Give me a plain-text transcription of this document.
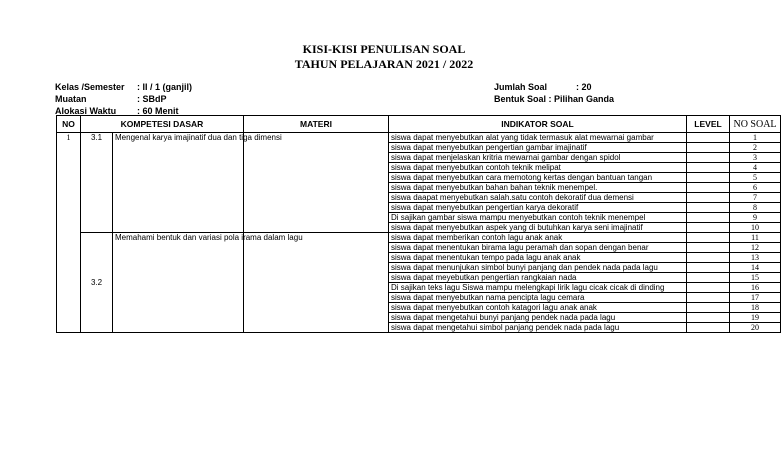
KISI-KISI PENULISAN SOAL
TAHUN PELAJARAN 2021 / 2022
Kelas /Semester : II / 1 (ganjil)
Muatan	: SBdP
Alokasi Waktu : 60 Menit
Jumlah Soal	: 20
Bentuk Soal : Pilihan Ganda
NO	KOMPETESI DASAR		MATERI	INDIKATOR SOAL	LEVEL	NO SOAL
1	3.1	Mengenal karya imajinatif dua dan tiga dimensi		siswa dapat menyebutkan alat yang tidak termasuk alat mewarnai gambar		1
				siswa dapat menyebutkan pengertian gambar imajinatif		2
				siswa dapat menjelaskan kritria mewarnai gambar dengan spidol		3
				siswa dapat menyebutkan contoh teknik melipat		4
				siswa dapat menyebutkan cara memotong kertas dengan bantuan tangan		5
				siswa dapat menyebutkan bahan bahan teknik menempel.		6
				siswa daapat menyebutkan salah.satu contoh dekoratif dua demensi		7
				siswa dapat menyebutkan pengertian karya dekoratif		8
				Di sajikan gambar siswa mampu menyebutkan contoh teknik menempel		9
				siswa dapat menyebutkan aspek yang di butuhkan karya seni imajinatif		10
	3.2	Memahami bentuk dan variasi pola irama dalam lagu		siswa dapat memberikan contoh lagu anak anak		11
				siswa dapat menentukan birama lagu peramah dan sopan dengan benar		12
				siswa dapat menentukan tempo pada lagu anak anak		13
				siswa dapat menunjukan simbol bunyi panjang dan pendek nada pada lagu		14
				siswa dapat meyebutkan pengertian rangkaian nada		15
				Di sajikan teks lagu Siswa mampu melengkapi lirik lagu cicak cicak di dinding		16
				siswa dapat menyebutkan nama pencipta lagu cemara		17
				siswa dapat menyebutkan contoh katagori lagu anak anak		18
				siswa dapat mengetahui bunyi panjang pendek nada pada lagu		19
				siswa dapat mengetahui simbol panjang pendek nada pada lagu		20
